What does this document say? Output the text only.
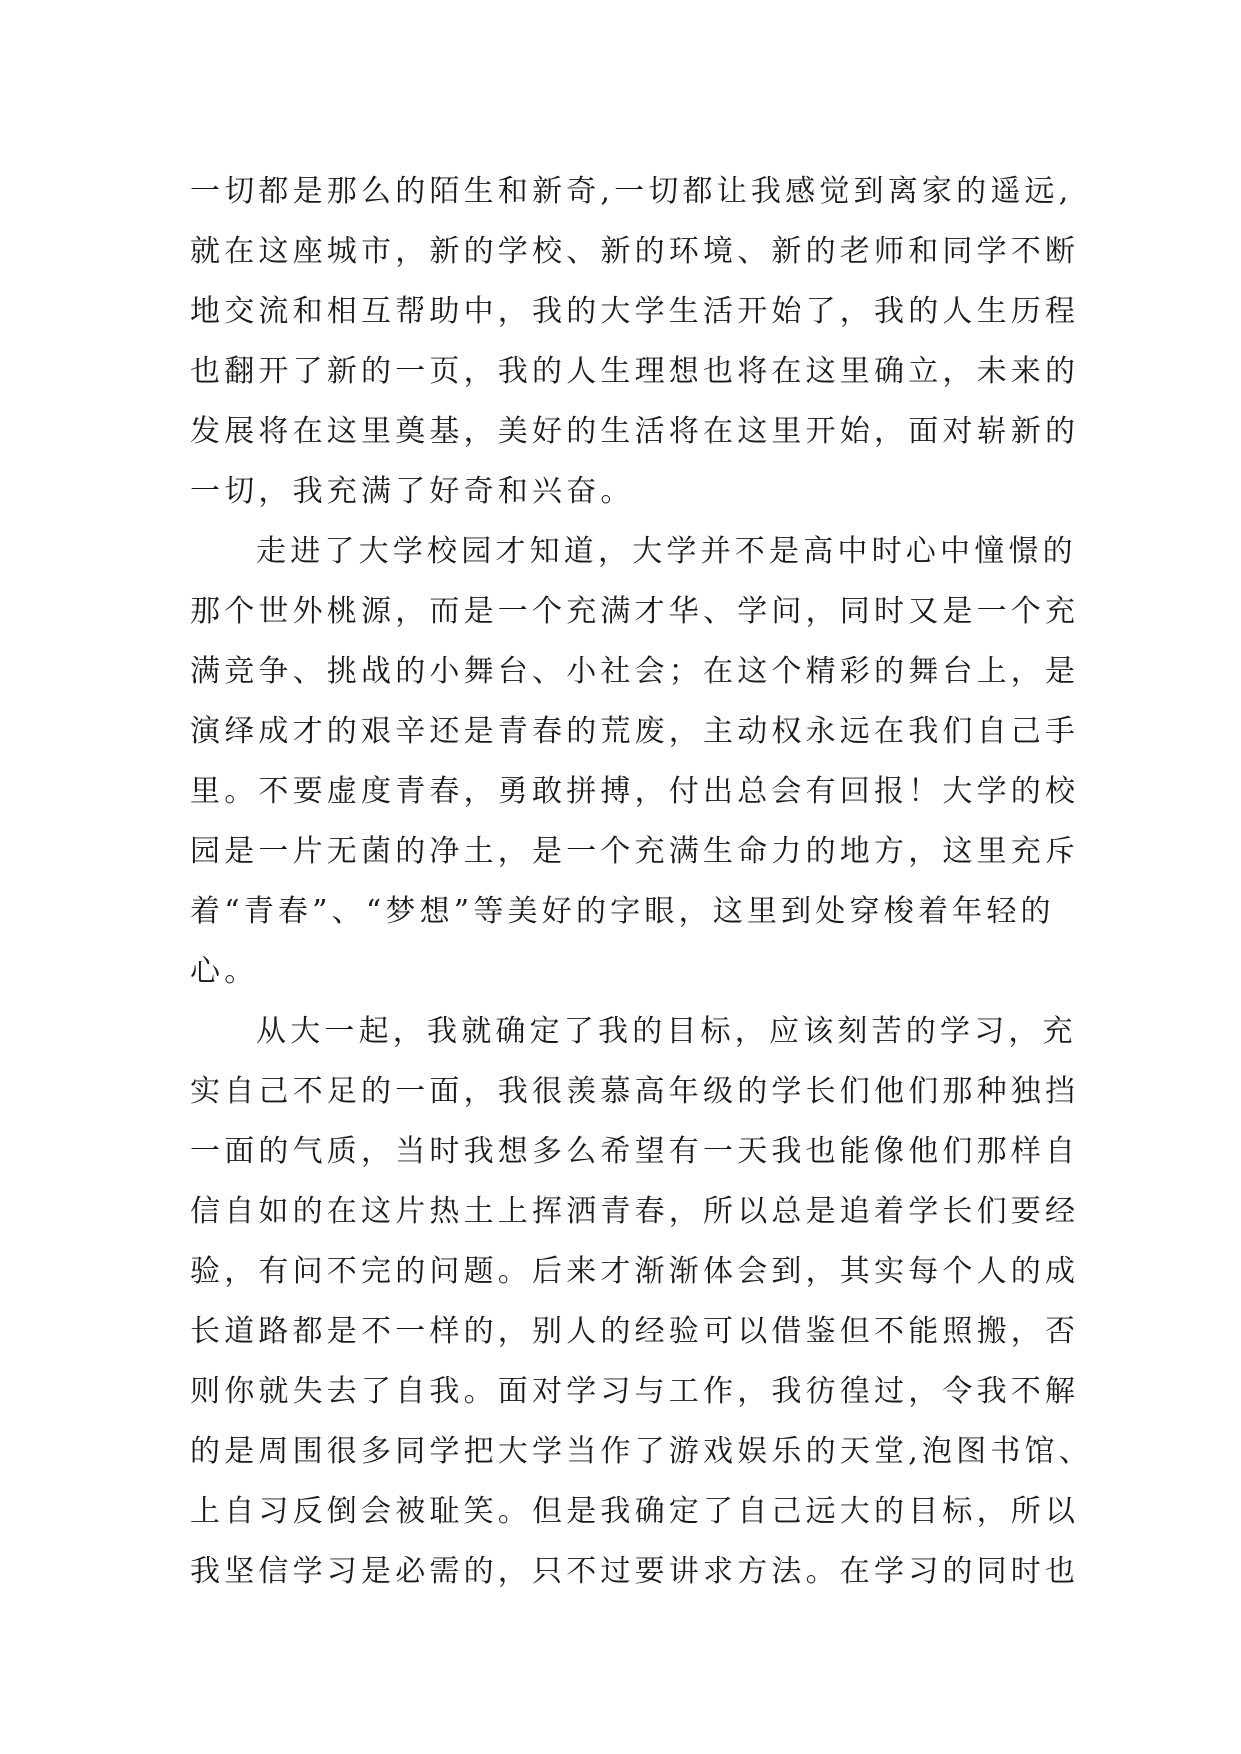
一切都是那么的陌生和新奇,一切都让我感觉到离家的遥远,
就在这座城市，新的学校、新的环境、新的老师和同学不断
地交流和相互帮助中，我的大学生活开始了，我的人生历程
也翻开了新的一页，我的人生理想也将在这里确立，未来的
发展将在这里奠基，美好的生活将在这里开始，面对崭新的
一切，我充满了好奇和兴奋。
走进了大学校园才知道，大学并不是高中时心中憧憬的
那个世外桃源，而是一个充满才华、学问，同时又是一个充
满竞争、挑战的小舞台、小社会；在这个精彩的舞台上，是
演绎成才的艰辛还是青春的荒废，主动权永远在我们自己手
里。不要虚度青春，勇敢拼搏，付出总会有回报！大学的校
园是一片无菌的净土，是一个充满生命力的地方，这里充斥
着“青春”、“梦想”等美好的字眼，这里到处穿梭着年轻的
心。
从大一起，我就确定了我的目标，应该刻苦的学习，充
实自己不足的一面，我很羡慕高年级的学长们他们那种独挡
一面的气质，当时我想多么希望有一天我也能像他们那样自
信自如的在这片热土上挥洒青春，所以总是追着学长们要经
验，有问不完的问题。后来才渐渐体会到，其实每个人的成
长道路都是不一样的，别人的经验可以借鉴但不能照搬，否
则你就失去了自我。面对学习与工作，我彷徨过，令我不解
的是周围很多同学把大学当作了游戏娱乐的天堂,泡图书馆、
上自习反倒会被耻笑。但是我确定了自己远大的目标，所以
我坚信学习是必需的，只不过要讲求方法。在学习的同时也
